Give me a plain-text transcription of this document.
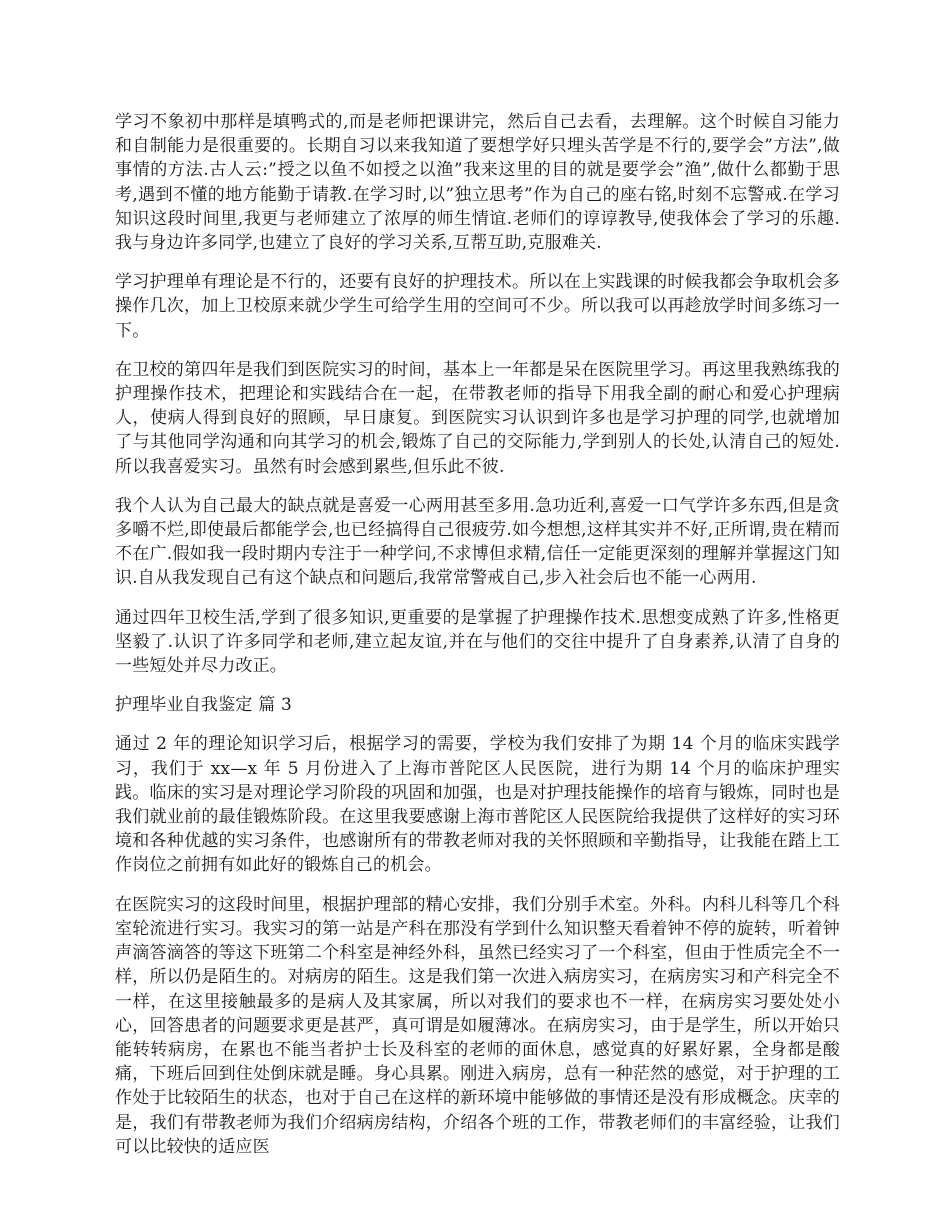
学习不象初中那样是填鸭式的,而是老师把课讲完，然后自己去看，去理解。这个时候自习能力和自制能力是很重要的。长期自习以来我知道了要想学好只埋头苦学是不行的,要学会”方法”,做事情的方法.古人云:”授之以鱼不如授之以渔”我来这里的目的就是要学会”渔”,做什么都勤于思考,遇到不懂的地方能勤于请教.在学习时,以”独立思考”作为自己的座右铭,时刻不忘警戒.在学习知识这段时间里,我更与老师建立了浓厚的师生情谊.老师们的谆谆教导,使我体会了学习的乐趣.我与身边许多同学,也建立了良好的学习关系,互帮互助,克服难关.

学习护理单有理论是不行的，还要有良好的护理技术。所以在上实践课的时候我都会争取机会多操作几次，加上卫校原来就少学生可给学生用的空间可不少。所以我可以再趁放学时间多练习一下。

在卫校的第四年是我们到医院实习的时间，基本上一年都是呆在医院里学习。再这里我熟练我的护理操作技术，把理论和实践结合在一起，在带教老师的指导下用我全副的耐心和爱心护理病人，使病人得到良好的照顾，早日康复。到医院实习认识到许多也是学习护理的同学,也就增加了与其他同学沟通和向其学习的机会,锻炼了自己的交际能力,学到别人的长处,认清自己的短处.所以我喜爱实习。虽然有时会感到累些,但乐此不彼.

我个人认为自己最大的缺点就是喜爱一心两用甚至多用.急功近利,喜爱一口气学许多东西,但是贪多嚼不烂,即使最后都能学会,也已经搞得自己很疲劳.如今想想,这样其实并不好,正所谓,贵在精而不在广.假如我一段时期内专注于一种学问,不求博但求精,信任一定能更深刻的理解并掌握这门知识.自从我发现自己有这个缺点和问题后,我常常警戒自己,步入社会后也不能一心两用.

通过四年卫校生活,学到了很多知识,更重要的是掌握了护理操作技术.思想变成熟了许多,性格更坚毅了.认识了许多同学和老师,建立起友谊,并在与他们的交往中提升了自身素养,认清了自身的一些短处并尽力改正。

护理毕业自我鉴定 篇 3

通过 2 年的理论知识学习后，根据学习的需要，学校为我们安排了为期 14 个月的临床实践学习，我们于 xx—x 年 5 月份进入了上海市普陀区人民医院，进行为期 14 个月的临床护理实践。临床的实习是对理论学习阶段的巩固和加强，也是对护理技能操作的培育与锻炼，同时也是我们就业前的最佳锻炼阶段。在这里我要感谢上海市普陀区人民医院给我提供了这样好的实习环境和各种优越的实习条件，也感谢所有的带教老师对我的关怀照顾和辛勤指导，让我能在踏上工作岗位之前拥有如此好的锻炼自己的机会。

在医院实习的这段时间里，根据护理部的精心安排，我们分别手术室。外科。内科儿科等几个科室轮流进行实习。我实习的第一站是产科在那没有学到什么知识整天看着钟不停的旋转，听着钟声滴答滴答的等这下班第二个科室是神经外科，虽然已经实习了一个科室，但由于性质完全不一样，所以仍是陌生的。对病房的陌生。这是我们第一次进入病房实习，在病房实习和产科完全不一样，在这里接触最多的是病人及其家属，所以对我们的要求也不一样，在病房实习要处处小心，回答患者的问题要求更是甚严，真可谓是如履薄冰。在病房实习，由于是学生，所以开始只能转转病房，在累也不能当者护士长及科室的老师的面休息，感觉真的好累好累，全身都是酸痛，下班后回到住处倒床就是睡。身心具累。刚进入病房，总有一种茫然的感觉，对于护理的工作处于比较陌生的状态，也对于自己在这样的新环境中能够做的事情还是没有形成概念。庆幸的是，我们有带教老师为我们介绍病房结构，介绍各个班的工作，带教老师们的丰富经验，让我们可以比较快的适应医
